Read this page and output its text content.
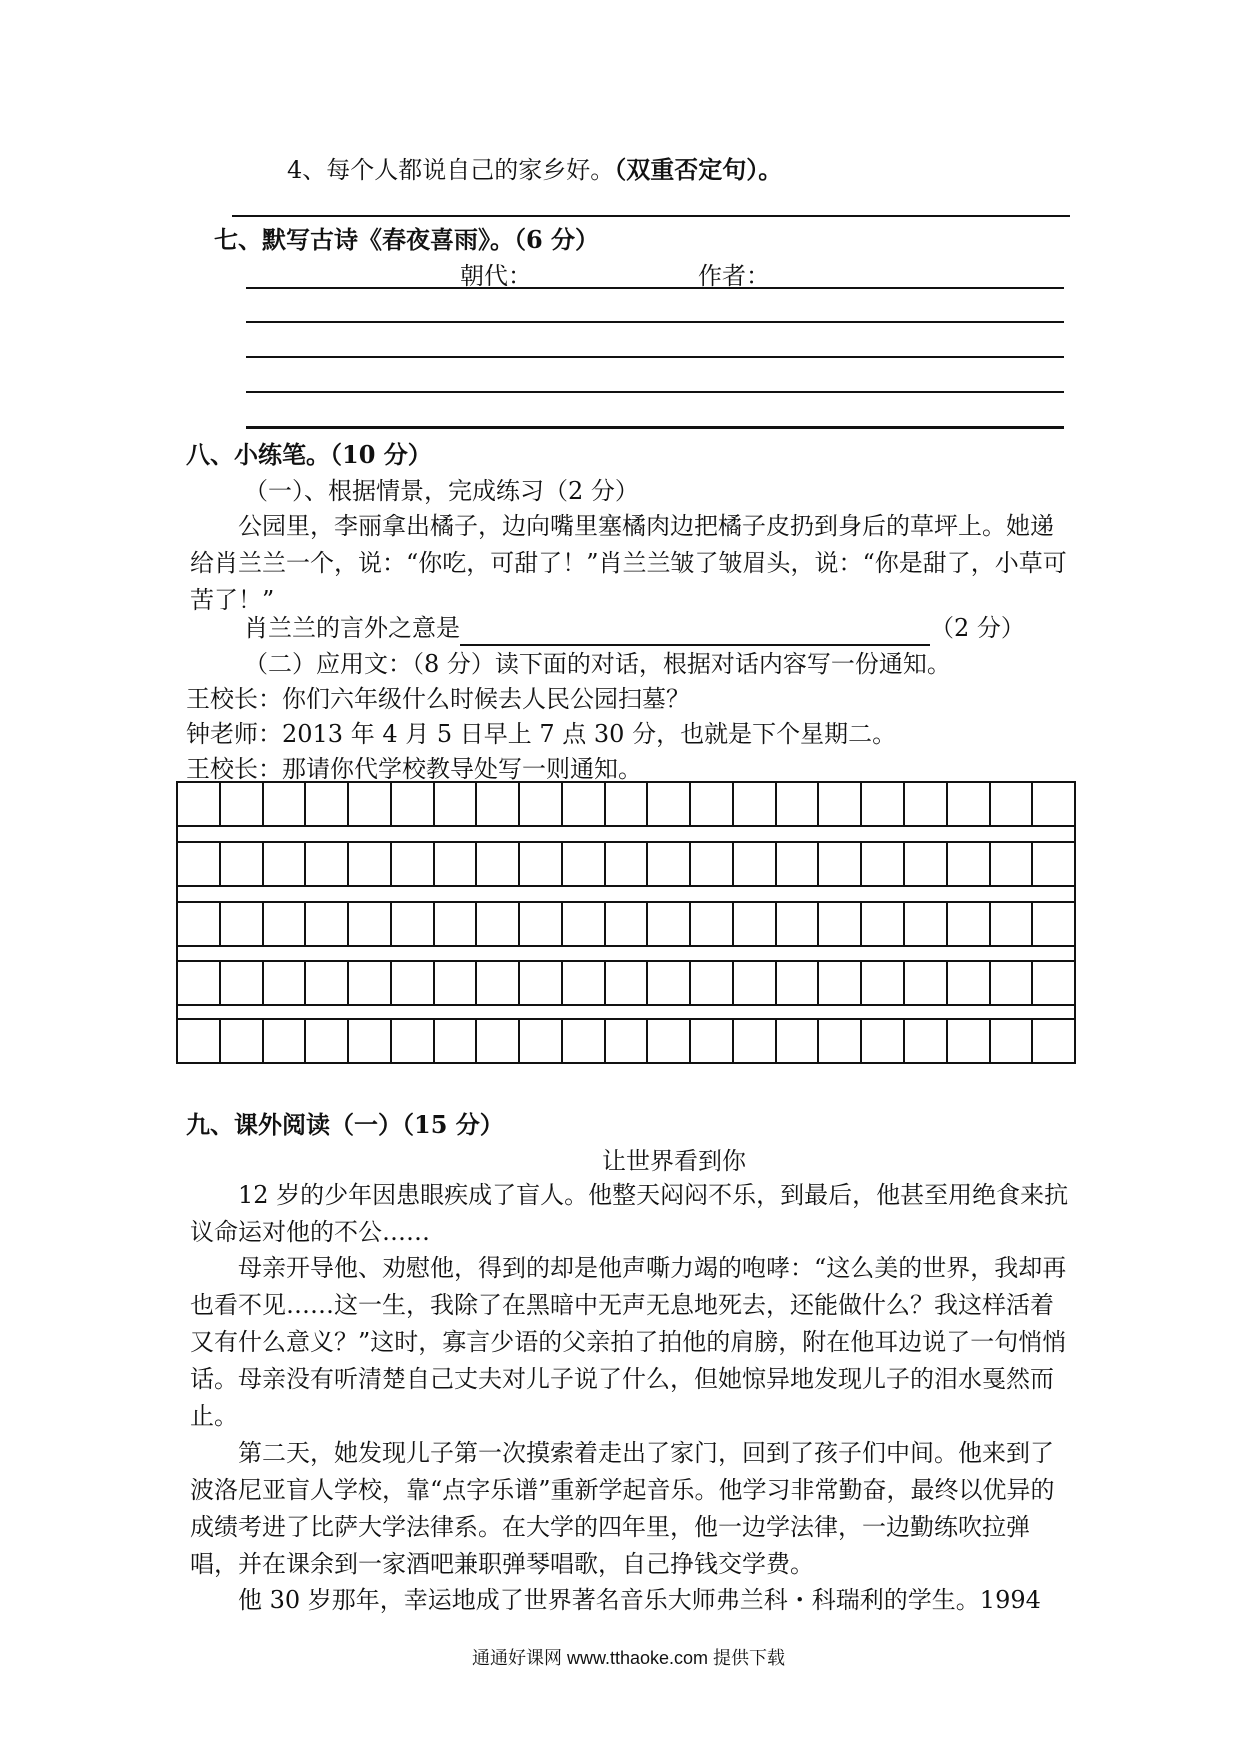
4、每个人都说自己的家乡好。（双重否定句）。
七、默写古诗《春夜喜雨》。（6 分）
朝代：	作者：
八、小练笔。（10 分）
（一）、根据情景，完成练习（2 分）
公园里，李丽拿出橘子，边向嘴里塞橘肉边把橘子皮扔到身后的草坪上。她递给肖兰兰一个，说：“你吃，可甜了！”肖兰兰皱了皱眉头，说：“你是甜了，小草可苦了！”
肖兰兰的言外之意是	（2 分）
（二）应用文：（8 分）读下面的对话，根据对话内容写一份通知。
王校长：你们六年级什么时候去人民公园扫墓？
钟老师：2013 年 4 月 5 日早上 7 点 30 分，也就是下个星期二。
王校长：那请你代学校教导处写一则通知。
九、课外阅读（一）（15 分）
让世界看到你
12 岁的少年因患眼疾成了盲人。他整天闷闷不乐，到最后，他甚至用绝食来抗议命运对他的不公……
母亲开导他、劝慰他，得到的却是他声嘶力竭的咆哮：“这么美的世界，我却再也看不见……这一生，我除了在黑暗中无声无息地死去，还能做什么？我这样活着又有什么意义？”这时，寡言少语的父亲拍了拍他的肩膀，附在他耳边说了一句悄悄话。母亲没有听清楚自己丈夫对儿子说了什么，但她惊异地发现儿子的泪水戛然而止。
第二天，她发现儿子第一次摸索着走出了家门，回到了孩子们中间。他来到了波洛尼亚盲人学校，靠“点字乐谱”重新学起音乐。他学习非常勤奋，最终以优异的成绩考进了比萨大学法律系。在大学的四年里，他一边学法律，一边勤练吹拉弹唱，并在课余到一家酒吧兼职弹琴唱歌，自己挣钱交学费。
他 30 岁那年，幸运地成了世界著名音乐大师弗兰科・科瑞利的学生。1994
通通好课网 www.tthaoke.com 提供下载
